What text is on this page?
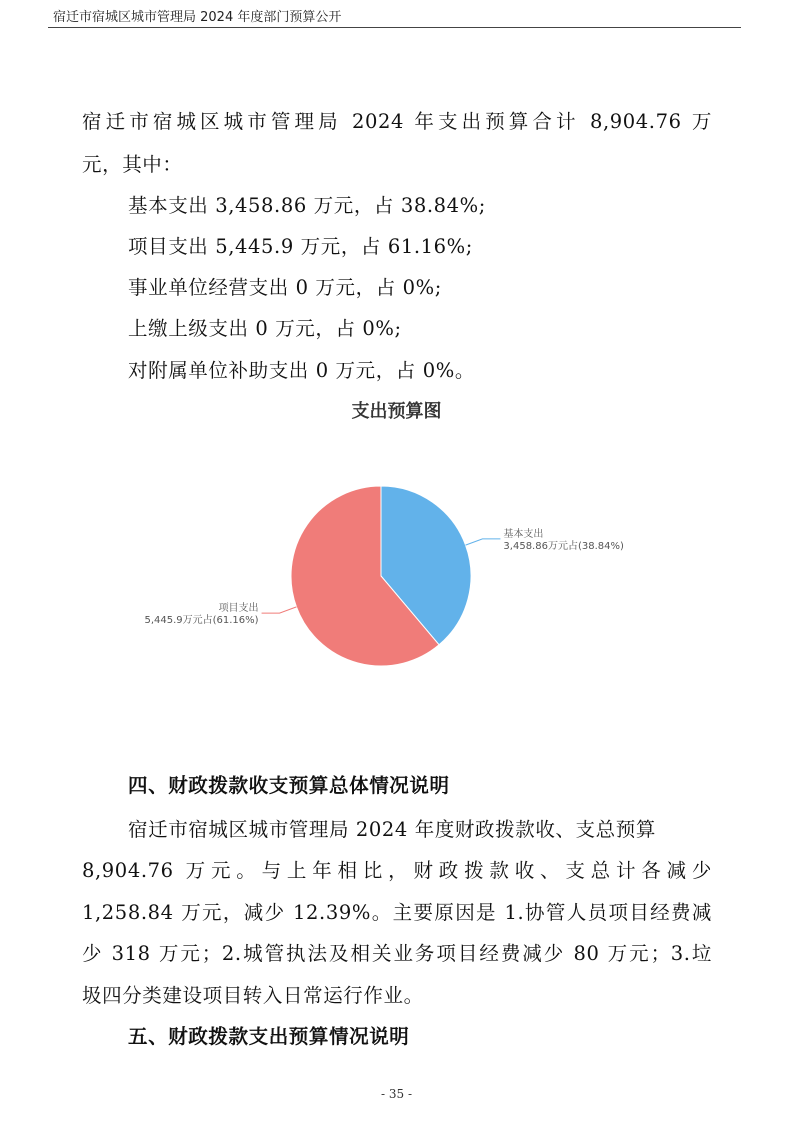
宿迁市宿城区城市管理局 2024 年度部门预算公开
宿迁市宿城区城市管理局 2024 年支出预算合计 8,904.76 万
元，其中：
基本支出 3,458.86 万元，占 38.84%;
项目支出 5,445.9 万元，占 61.16%;
事业单位经营支出 0 万元，占 0%;
上缴上级支出 0 万元，占 0%;
对附属单位补助支出 0 万元，占 0%。
支出预算图
基本支出
3,458.86万元占(38.84%)
项目支出
5,445.9万元占(61.16%)
四、财政拨款收支预算总体情况说明
宿迁市宿城区城市管理局 2024 年度财政拨款收、支总预算
8,904.76 万元。与上年相比，财政拨款收、支总计各减少
1,258.84 万元，减少 12.39%。主要原因是 1.协管人员项目经费减
少 318 万元；2.城管执法及相关业务项目经费减少 80 万元；3.垃
圾四分类建设项目转入日常运行作业。
五、财政拨款支出预算情况说明
- 35 -
